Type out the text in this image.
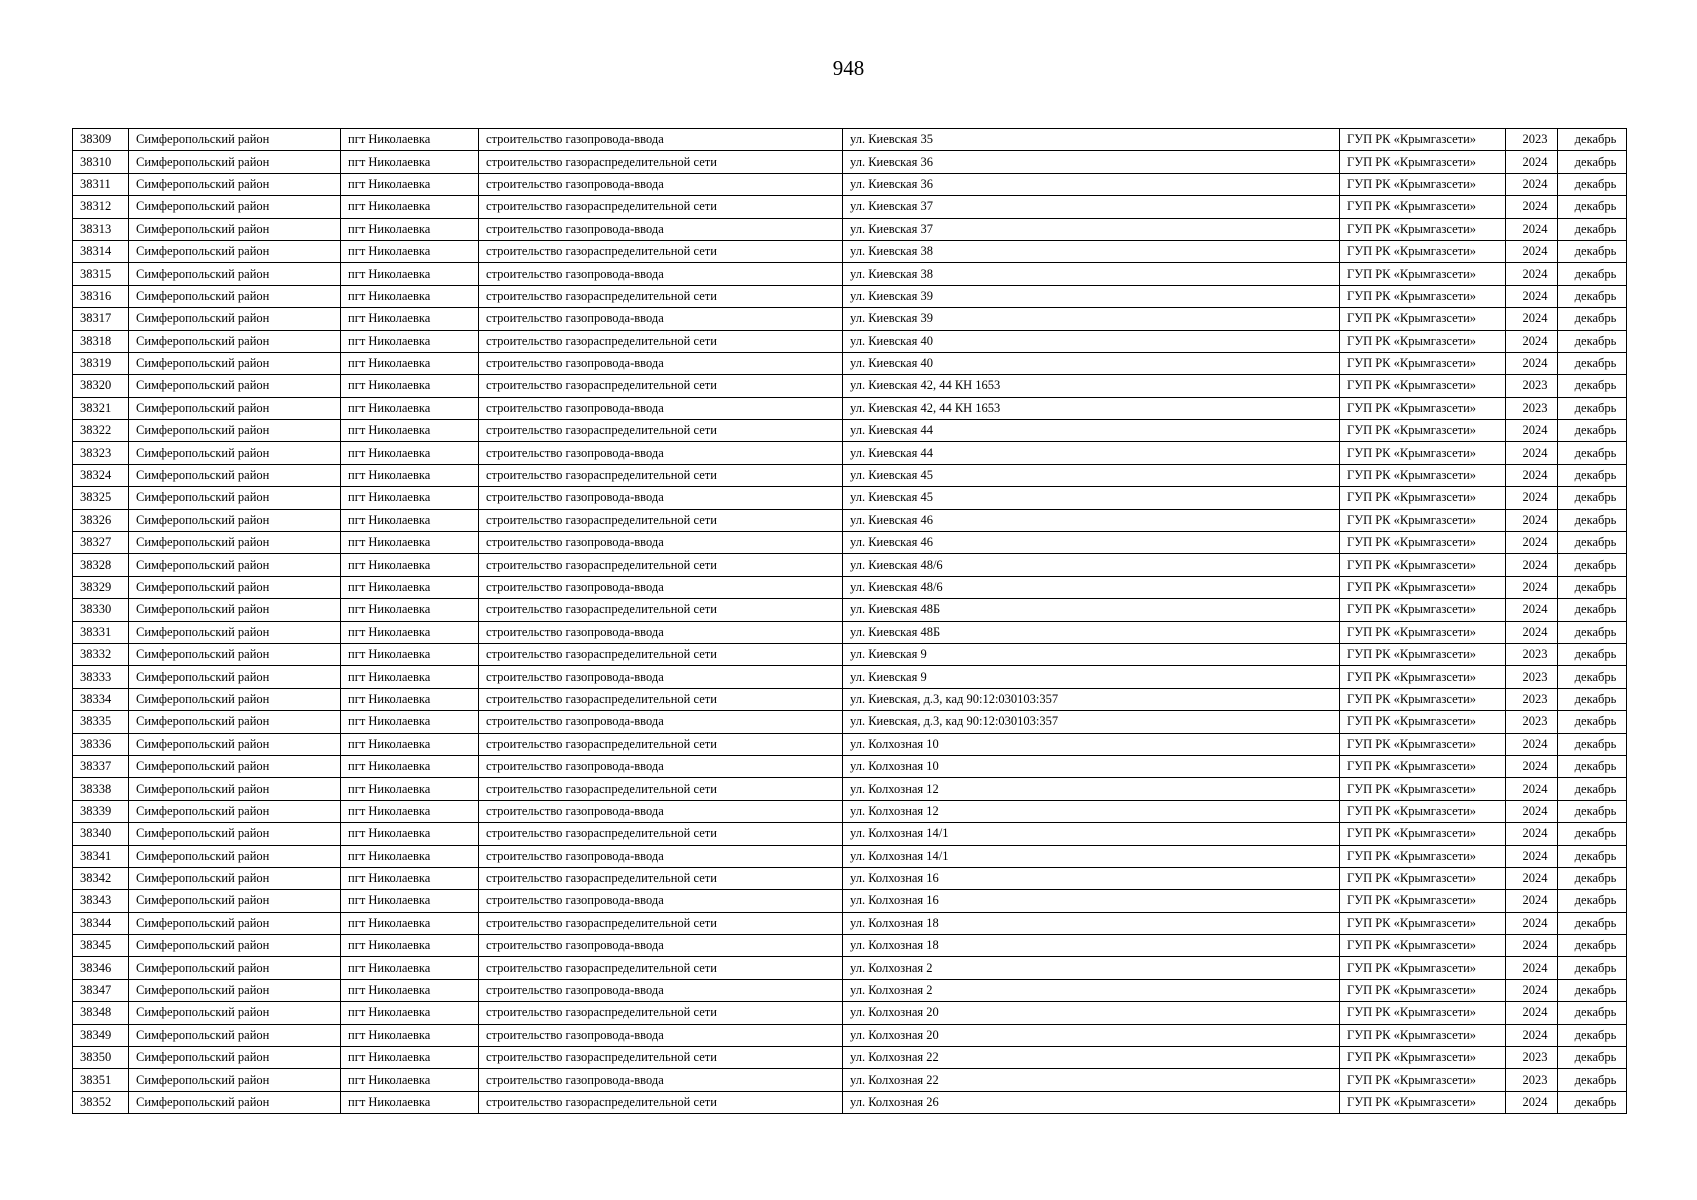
948
38309	Симферопольский район	пгт Николаевка	строительство газопровода-ввода	ул. Киевская 35	ГУП РК «Крымгазсети»	2023	декабрь
38310	Симферопольский район	пгт Николаевка	строительство газораспределительной сети	ул. Киевская 36	ГУП РК «Крымгазсети»	2024	декабрь
38311	Симферопольский район	пгт Николаевка	строительство газопровода-ввода	ул. Киевская 36	ГУП РК «Крымгазсети»	2024	декабрь
38312	Симферопольский район	пгт Николаевка	строительство газораспределительной сети	ул. Киевская 37	ГУП РК «Крымгазсети»	2024	декабрь
38313	Симферопольский район	пгт Николаевка	строительство газопровода-ввода	ул. Киевская 37	ГУП РК «Крымгазсети»	2024	декабрь
38314	Симферопольский район	пгт Николаевка	строительство газораспределительной сети	ул. Киевская 38	ГУП РК «Крымгазсети»	2024	декабрь
38315	Симферопольский район	пгт Николаевка	строительство газопровода-ввода	ул. Киевская 38	ГУП РК «Крымгазсети»	2024	декабрь
38316	Симферопольский район	пгт Николаевка	строительство газораспределительной сети	ул. Киевская 39	ГУП РК «Крымгазсети»	2024	декабрь
38317	Симферопольский район	пгт Николаевка	строительство газопровода-ввода	ул. Киевская 39	ГУП РК «Крымгазсети»	2024	декабрь
38318	Симферопольский район	пгт Николаевка	строительство газораспределительной сети	ул. Киевская 40	ГУП РК «Крымгазсети»	2024	декабрь
38319	Симферопольский район	пгт Николаевка	строительство газопровода-ввода	ул. Киевская 40	ГУП РК «Крымгазсети»	2024	декабрь
38320	Симферопольский район	пгт Николаевка	строительство газораспределительной сети	ул. Киевская 42, 44 КН 1653	ГУП РК «Крымгазсети»	2023	декабрь
38321	Симферопольский район	пгт Николаевка	строительство газопровода-ввода	ул. Киевская 42, 44 КН 1653	ГУП РК «Крымгазсети»	2023	декабрь
38322	Симферопольский район	пгт Николаевка	строительство газораспределительной сети	ул. Киевская 44	ГУП РК «Крымгазсети»	2024	декабрь
38323	Симферопольский район	пгт Николаевка	строительство газопровода-ввода	ул. Киевская 44	ГУП РК «Крымгазсети»	2024	декабрь
38324	Симферопольский район	пгт Николаевка	строительство газораспределительной сети	ул. Киевская 45	ГУП РК «Крымгазсети»	2024	декабрь
38325	Симферопольский район	пгт Николаевка	строительство газопровода-ввода	ул. Киевская 45	ГУП РК «Крымгазсети»	2024	декабрь
38326	Симферопольский район	пгт Николаевка	строительство газораспределительной сети	ул. Киевская 46	ГУП РК «Крымгазсети»	2024	декабрь
38327	Симферопольский район	пгт Николаевка	строительство газопровода-ввода	ул. Киевская 46	ГУП РК «Крымгазсети»	2024	декабрь
38328	Симферопольский район	пгт Николаевка	строительство газораспределительной сети	ул. Киевская 48/6	ГУП РК «Крымгазсети»	2024	декабрь
38329	Симферопольский район	пгт Николаевка	строительство газопровода-ввода	ул. Киевская 48/6	ГУП РК «Крымгазсети»	2024	декабрь
38330	Симферопольский район	пгт Николаевка	строительство газораспределительной сети	ул. Киевская 48Б	ГУП РК «Крымгазсети»	2024	декабрь
38331	Симферопольский район	пгт Николаевка	строительство газопровода-ввода	ул. Киевская 48Б	ГУП РК «Крымгазсети»	2024	декабрь
38332	Симферопольский район	пгт Николаевка	строительство газораспределительной сети	ул. Киевская 9	ГУП РК «Крымгазсети»	2023	декабрь
38333	Симферопольский район	пгт Николаевка	строительство газопровода-ввода	ул. Киевская 9	ГУП РК «Крымгазсети»	2023	декабрь
38334	Симферопольский район	пгт Николаевка	строительство газораспределительной сети	ул. Киевская, д.3, кад 90:12:030103:357	ГУП РК «Крымгазсети»	2023	декабрь
38335	Симферопольский район	пгт Николаевка	строительство газопровода-ввода	ул. Киевская, д.3, кад 90:12:030103:357	ГУП РК «Крымгазсети»	2023	декабрь
38336	Симферопольский район	пгт Николаевка	строительство газораспределительной сети	ул. Колхозная 10	ГУП РК «Крымгазсети»	2024	декабрь
38337	Симферопольский район	пгт Николаевка	строительство газопровода-ввода	ул. Колхозная 10	ГУП РК «Крымгазсети»	2024	декабрь
38338	Симферопольский район	пгт Николаевка	строительство газораспределительной сети	ул. Колхозная 12	ГУП РК «Крымгазсети»	2024	декабрь
38339	Симферопольский район	пгт Николаевка	строительство газопровода-ввода	ул. Колхозная 12	ГУП РК «Крымгазсети»	2024	декабрь
38340	Симферопольский район	пгт Николаевка	строительство газораспределительной сети	ул. Колхозная 14/1	ГУП РК «Крымгазсети»	2024	декабрь
38341	Симферопольский район	пгт Николаевка	строительство газопровода-ввода	ул. Колхозная 14/1	ГУП РК «Крымгазсети»	2024	декабрь
38342	Симферопольский район	пгт Николаевка	строительство газораспределительной сети	ул. Колхозная 16	ГУП РК «Крымгазсети»	2024	декабрь
38343	Симферопольский район	пгт Николаевка	строительство газопровода-ввода	ул. Колхозная 16	ГУП РК «Крымгазсети»	2024	декабрь
38344	Симферопольский район	пгт Николаевка	строительство газораспределительной сети	ул. Колхозная 18	ГУП РК «Крымгазсети»	2024	декабрь
38345	Симферопольский район	пгт Николаевка	строительство газопровода-ввода	ул. Колхозная 18	ГУП РК «Крымгазсети»	2024	декабрь
38346	Симферопольский район	пгт Николаевка	строительство газораспределительной сети	ул. Колхозная 2	ГУП РК «Крымгазсети»	2024	декабрь
38347	Симферопольский район	пгт Николаевка	строительство газопровода-ввода	ул. Колхозная 2	ГУП РК «Крымгазсети»	2024	декабрь
38348	Симферопольский район	пгт Николаевка	строительство газораспределительной сети	ул. Колхозная 20	ГУП РК «Крымгазсети»	2024	декабрь
38349	Симферопольский район	пгт Николаевка	строительство газопровода-ввода	ул. Колхозная 20	ГУП РК «Крымгазсети»	2024	декабрь
38350	Симферопольский район	пгт Николаевка	строительство газораспределительной сети	ул. Колхозная 22	ГУП РК «Крымгазсети»	2023	декабрь
38351	Симферопольский район	пгт Николаевка	строительство газопровода-ввода	ул. Колхозная 22	ГУП РК «Крымгазсети»	2023	декабрь
38352	Симферопольский район	пгт Николаевка	строительство газораспределительной сети	ул. Колхозная 26	ГУП РК «Крымгазсети»	2024	декабрь
